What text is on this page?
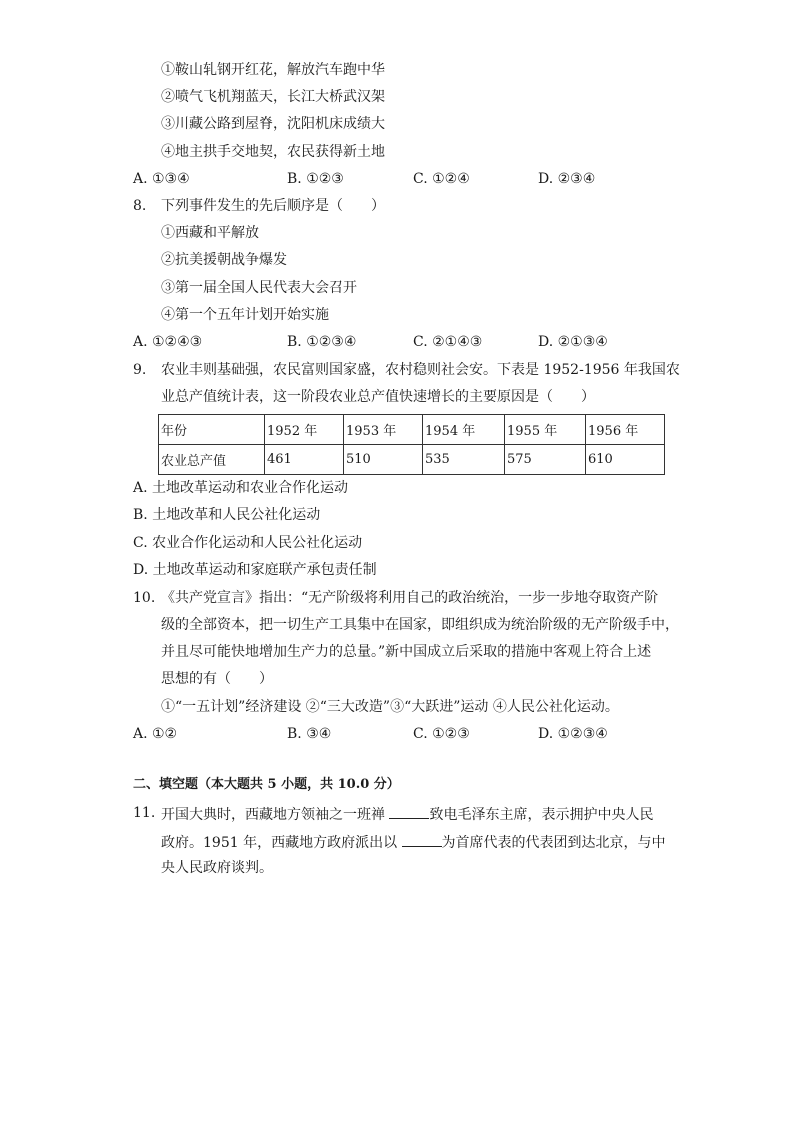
①鞍山轧钢开红花，解放汽车跑中华
②喷气飞机翔蓝天，长江大桥武汉架
③川藏公路到屋脊，沈阳机床成绩大
④地主拱手交地契，农民获得新土地
A. ①③④	B. ①②③	C. ①②④	D. ②③④
8. 下列事件发生的先后顺序是（　　）
①西藏和平解放
②抗美援朝战争爆发
③第一届全国人民代表大会召开
④第一个五年计划开始实施
A. ①②④③	B. ①②③④	C. ②①④③	D. ②①③④
9. 农业丰则基础强，农民富则国家盛，农村稳则社会安。下表是 1952-1956 年我国农
业总产值统计表，这一阶段农业总产值快速增长的主要原因是（　　）
年份	1952 年	1953 年	1954 年	1955 年	1956 年
农业总产值	461	510	535	575	610
A. 土地改革运动和农业合作化运动
B. 土地改革和人民公社化运动
C. 农业合作化运动和人民公社化运动
D. 土地改革运动和家庭联产承包责任制
10. 《共产党宣言》指出：“无产阶级将利用自己的政治统治，一步一步地夺取资产阶
级的全部资本，把一切生产工具集中在国家，即组织成为统治阶级的无产阶级手中，
并且尽可能快地增加生产力的总量。”新中国成立后采取的措施中客观上符合上述
思想的有（　　）
①“一五计划”经济建设 ②“三大改造”③“大跃进”运动 ④人民公社化运动。
A. ①②	B. ③④	C. ①②③	D. ①②③④
二、填空题（本大题共 5 小题，共 10.0 分）
11. 开国大典时，西藏地方领袖之一班禅	致电毛泽东主席，表示拥护中央人民
政府。1951 年，西藏地方政府派出以	为首席代表的代表团到达北京，与中
央人民政府谈判。
